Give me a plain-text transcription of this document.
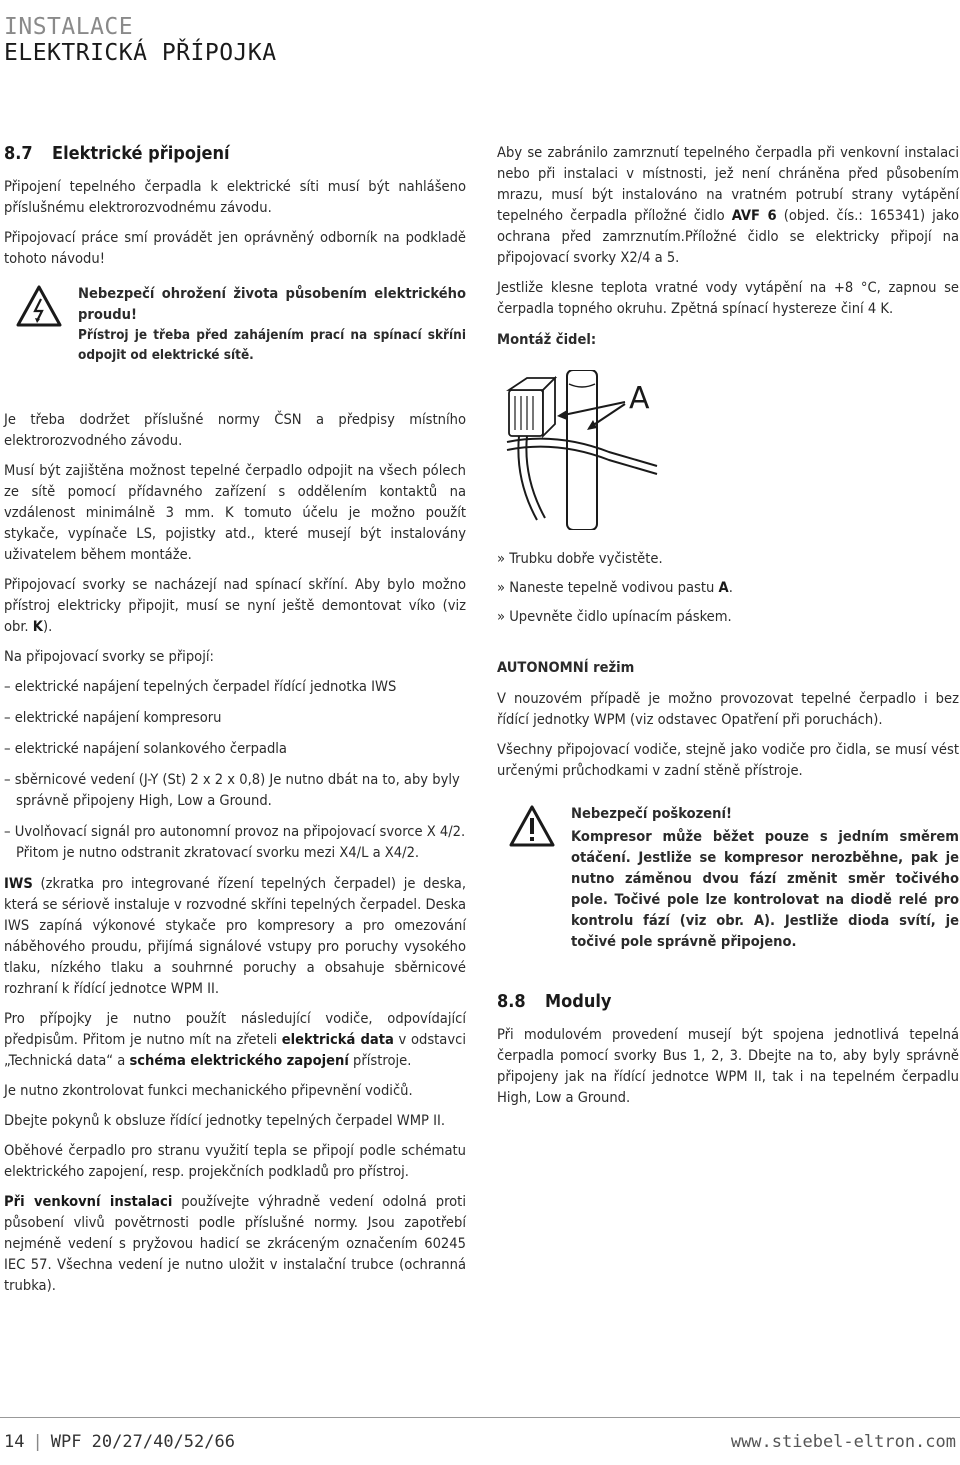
INSTALACE
ELEKTRICKÁ PŘÍPOJKA
8.7 Elektrické připojení

Připojení tepelného čerpadla k elektrické síti musí být nahlášeno příslušnému elektrorozvodnému závodu.

Připojovací práce smí provádět jen oprávněný odborník na podkladě tohoto návodu!

Nebezpečí ohrožení života působením elektrického proudu!

Přístroj je třeba před zahájením prací na spínací skříni odpojit od elektrické sítě.

Je třeba dodržet příslušné normy ČSN a předpisy místního elektrorozvodného závodu.

Musí být zajištěna možnost tepelné čerpadlo odpojit na všech pólech ze sítě pomocí přídavného zařízení s oddělením kontaktů na vzdálenost minimálně 3 mm. K tomuto účelu je možno použít stykače, vypínače LS, pojistky atd., které musejí být instalovány uživatelem během montáže.

Připojovací svorky se nacházejí nad spínací skříní. Aby bylo možno přístroj elektricky připojit, musí se nyní ještě demontovat víko (viz obr. K).

Na připojovací svorky se připojí:

– elektrické napájení tepelných čerpadel řídící jednotka IWS

– elektrické napájení kompresoru

– elektrické napájení solankového čerpadla

– sběrnicové vedení (J-Y (St) 2 x 2 x 0,8) Je nutno dbát na to, aby byly správně připojeny High, Low a Ground.

– Uvolňovací signál pro autonomní provoz na připojovací svorce X 4/2. Přitom je nutno odstranit zkratovací svorku mezi X4/L a X4/2.

IWS (zkratka pro integrované řízení tepelných čerpadel) je deska, která se sériově instaluje v rozvodné skříni tepelných čerpadel. Deska IWS zapíná výkonové stykače pro kompresory a pro omezování náběhového proudu, přijímá signálové vstupy pro poruchy vysokého tlaku, nízkého tlaku a souhrnné poruchy a obsahuje sběrnicové rozhraní k řídící jednotce WPM II.

Pro přípojky je nutno použít následující vodiče, odpovídající předpisům. Přitom je nutno mít na zřeteli elektrická data v odstavci „Technická data“ a schéma elektrického zapojení přístroje.

Je nutno zkontrolovat funkci mechanického připevnění vodičů.

Dbejte pokynů k obsluze řídící jednotky tepelných čerpadel WMP II.

Oběhové čerpadlo pro stranu využití tepla se připojí podle schématu elektrického zapojení, resp. projekčních podkladů pro přístroj.

Při venkovní instalaci používejte výhradně vedení odolná proti působení vlivů povětrnosti podle příslušné normy. Jsou zapotřebí nejméně vedení s pryžovou hadicí se zkráceným označením 60245 IEC 57. Všechna vedení je nutno uložit v instalační trubce (ochranná trubka).

Aby se zabránilo zamrznutí tepelného čerpadla při venkovní instalaci nebo při instalaci v místnosti, jež není chráněna před působením mrazu, musí být instalováno na vratném potrubí strany vytápění tepelného čerpadla příložné čidlo AVF 6 (objed. čís.: 165341) jako ochrana před zamrznutím.Příložné čidlo se elektricky připojí na připojovací svorky X2/4 a 5.

Jestliže klesne teplota vratné vody vytápění na +8 °C, zapnou se čerpadla topného okruhu. Zpětná spínací hystereze činí 4 K.

Montáž čidel:

A

» Trubku dobře vyčistěte.

» Naneste tepelně vodivou pastu A.

» Upevněte čidlo upínacím páskem.

AUTONOMNÍ režim

V nouzovém případě je možno provozovat tepelné čerpadlo i bez řídící jednotky WPM (viz odstavec Opatření při poruchách).

Všechny připojovací vodiče, stejně jako vodiče pro čidla, se musí vést určenými průchodkami v zadní stěně přístroje.

Nebezpečí poškození!

Kompresor může běžet pouze s jedním směrem otáčení. Jestliže se kompresor nerozběhne, pak je nutno záměnou dvou fází změnit směr točivého pole. Točivé pole lze kontrolovat na diodě relé pro kontrolu fází (viz obr. A). Jestliže dioda svítí, je točivé pole správně připojeno.

8.8 Moduly

Při modulovém provedení musejí být spojena jednotlivá tepelná čerpadla pomocí svorky Bus 1, 2, 3. Dbejte na to, aby byly správně připojeny jak na řídící jednotce WPM II, tak i na tepelném čerpadlu High, Low a Ground.

14 | WPF 20/27/40/52/66	www.stiebel-eltron.com
